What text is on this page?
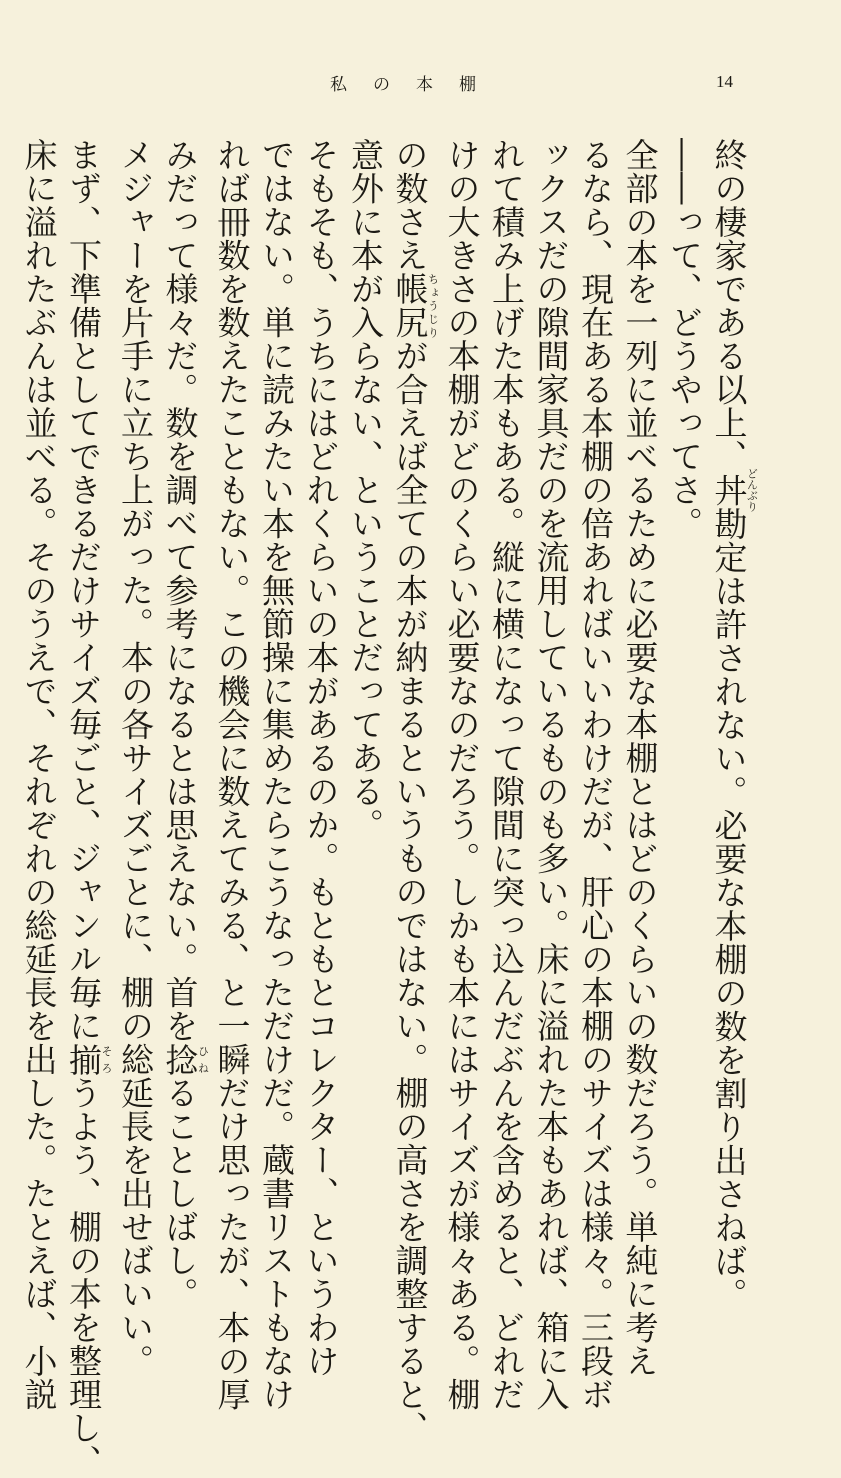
私の本棚	14
終の棲家である以上、丼どんぶり勘定は許されない。必要な本棚の数を割り出さねば。
――って、どうやってさ。
全部の本を一列に並べるために必要な本棚とはどのくらいの数だろう。単純に考え
るなら、現在ある本棚の倍あればいいわけだが、肝心の本棚のサイズは様々。三段ボ
ックスだの隙間家具だのを流用しているものも多い。床に溢れた本もあれば、箱に入
れて積み上げた本もある。縦に横になって隙間に突っ込んだぶんを含めると、どれだ
けの大きさの本棚がどのくらい必要なのだろう。しかも本にはサイズが様々ある。棚
の数さえ帳尻ちょうじりが合えば全ての本が納まるというものではない。棚の高さを調整すると、
意外に本が入らない、ということだってある。
そもそも、うちにはどれくらいの本があるのか。もともとコレクター、というわけ
ではない。単に読みたい本を無節操に集めたらこうなっただけだ。蔵書リストもなけ
れば冊数を数えたこともない。この機会に数えてみる、と一瞬だけ思ったが、本の厚
みだって様々だ。数を調べて参考になるとは思えない。首を捻ひねることしばし。
メジャーを片手に立ち上がった。本の各サイズごとに、棚の総延長を出せばいい。
まず、下準備としてできるだけサイズ毎ごと、ジャンル毎に揃そろうよう、棚の本を整理し、
床に溢れたぶんは並べる。そのうえで、それぞれの総延長を出した。たとえば、小説
